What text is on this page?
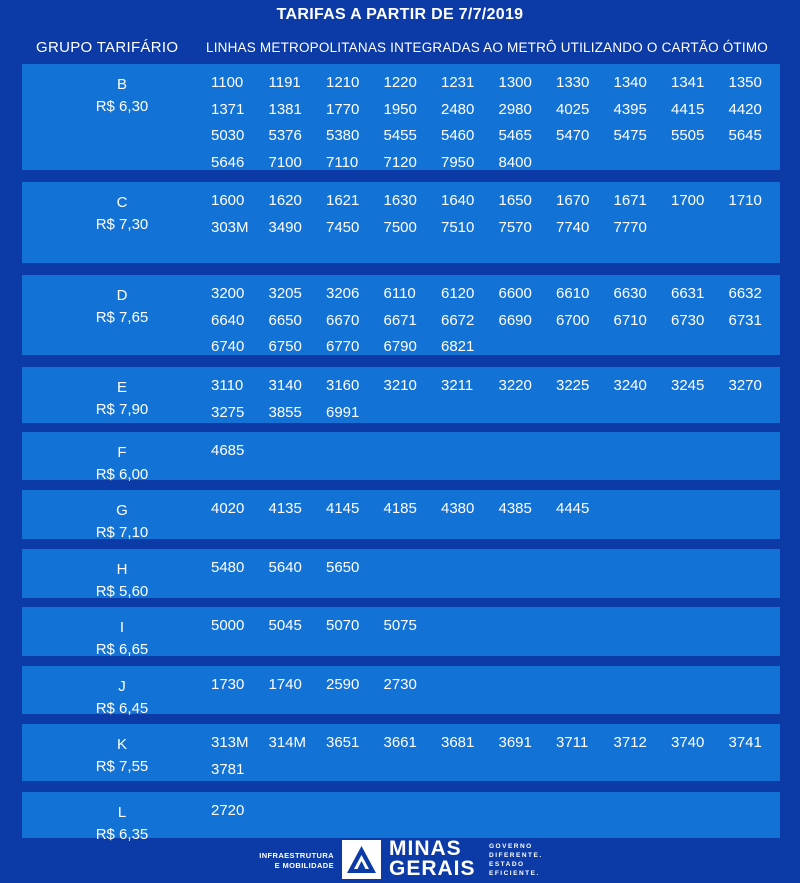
TARIFAS A PARTIR DE 7/7/2019
GRUPO TARIFÁRIO LINHAS METROPOLITANAS INTEGRADAS AO METRÔ UTILIZANDO O CARTÃO ÓTIMO
B
R$ 6,30
1100	1191	1210	1220	1231	1300	1330	1340	1341	1350
1371	1381	1770	1950	2480	2980	4025	4395	4415	4420
5030	5376	5380	5455	5460	5465	5470	5475	5505	5645
5646	7100	7110	7120	7950	8400
C
R$ 7,30
1600	1620	1621	1630	1640	1650	1670	1671	1700	1710
303M	3490	7450	7500	7510	7570	7740	7770
D
R$ 7,65
3200	3205	3206	6110	6120	6600	6610	6630	6631	6632
6640	6650	6670	6671	6672	6690	6700	6710	6730	6731
6740	6750	6770	6790	6821
E
R$ 7,90
3110	3140	3160	3210	3211	3220	3225	3240	3245	3270
3275	3855	6991
F
R$ 6,00
4685
G
R$ 7,10
4020	4135	4145	4185	4380	4385	4445
H
R$ 5,60
5480	5640	5650
I
R$ 6,65
5000	5045	5070	5075
J
R$ 6,45
1730	1740	2590	2730
K
R$ 7,55
313M	314M	3651	3661	3681	3691	3711	3712	3740	3741
3781
L
R$ 6,35
2720
INFRAESTRUTURA
E MOBILIDADE
MINAS
GERAIS
GOVERNO
DIFERENTE.
ESTADO
EFICIENTE.
